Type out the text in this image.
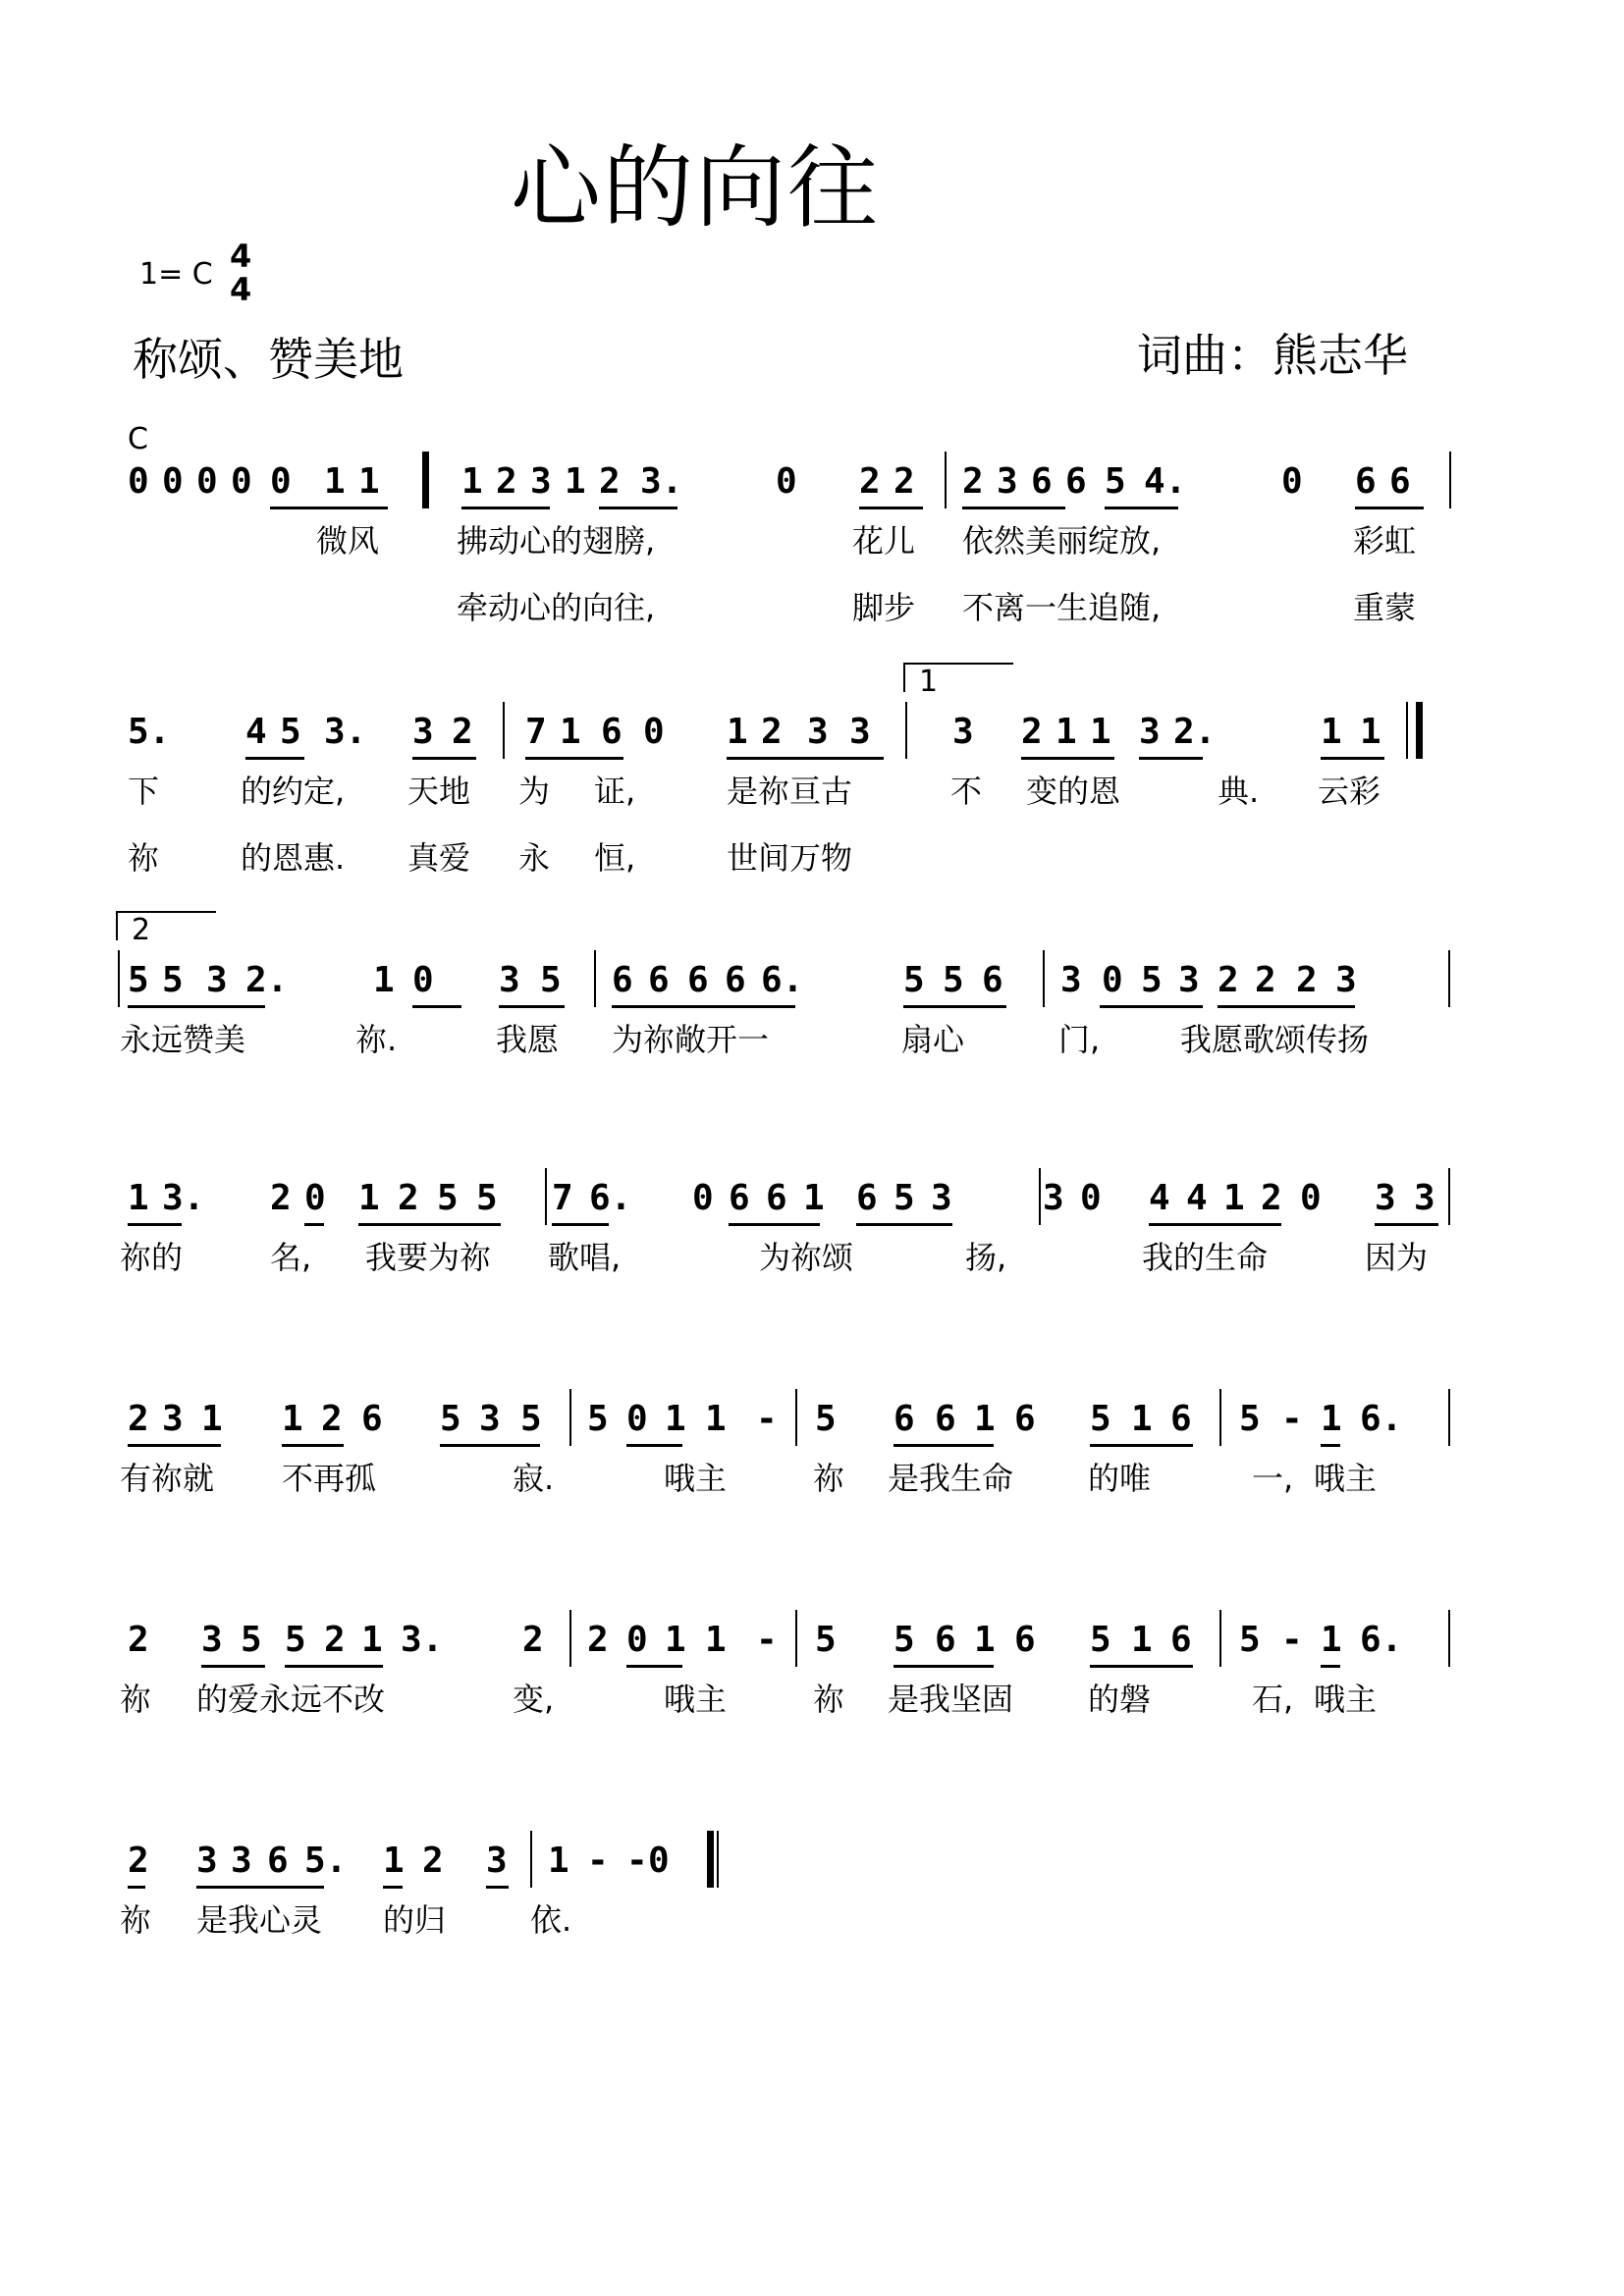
心的向往
1= C 4
4
称颂、赞美地	词曲：熊志华
C
0 0 0 0 0 1 1 1 2 3 1 2 3.	0 2 2 2 3 6 6 5 4.	0 6 6
微风 拂动心的翅膀,	花儿 依然美丽绽放,	彩虹
牵动心的向往,	脚步 不离一生追随,	重蒙
5. 4 5 3. 3 2 7 1 6 0 1 2 3 3 3 2 1 1 3 2.	1 1
1
下	的约定, 天地 为 证,	是祢亘古	不 变的恩	典. 云彩
祢	的恩惠. 真爱 永 恒,	世间万物
5 5 3 2. 1 0 3 5 6 6 6 6 6.	5 5 6 3 0 5 3 2 2 2 3
2
永远赞美	祢.	我愿 为祢敞开一	扇心	门,	我愿歌颂传扬
1 3. 2 0 1 2 5 5 7 6. 0 6 6 1 6 5 3	3 0 4 4 1 2 0 3 3
祢的	名, 我要为祢 歌唱,	为祢颂	扬,	我的生命	因为
2 3 1 1 2 6 5 3 5 5 0 1 1 - 5 6 6 1 6 5 1 6 5 - 1 6.
有祢就 不再孤	寂.	哦主	祢 是我生命 的唯	一, 哦主
2 3 5 5 2 1 3. 2 2 0 1 1 - 5 5 6 1 6 5 1 6 5 - 1 6.
祢 的爱永远不改	变,	哦主	祢 是我坚固 的磐	石, 哦主
2 3 3 6 5. 1 2 3 1 - - 0
祢 是我心灵 的归	依.
